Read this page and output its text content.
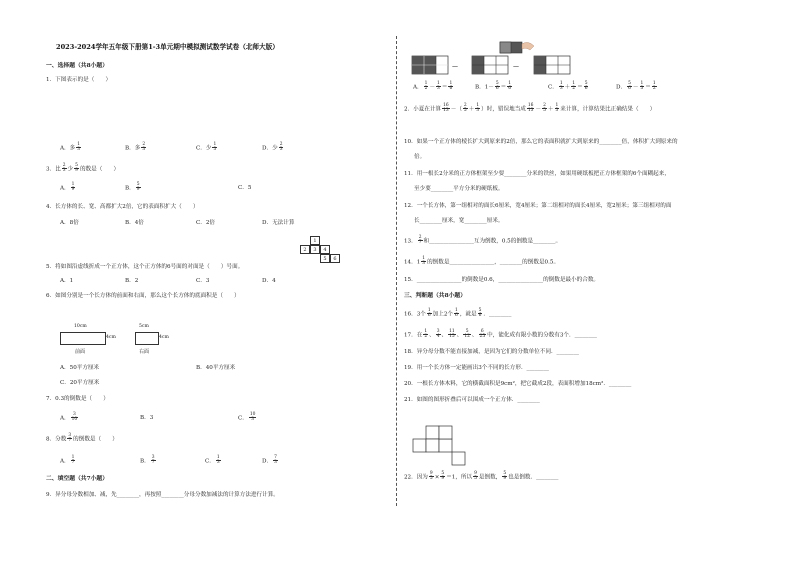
2023-2024学年五年级下册第1-3单元期中模拟测试数学试卷（北师大版）
一、选择题（共8小题）
1．下图表示的是（　　）
A．多 $\frac{1}{3}$	B．多 $\frac{2}{3}$	C．少 $\frac{1}{3}$	D．少 $\frac{2}{3}$
3．比 $\frac{2}{3}$ 少 $\frac{5}{9}$ 的数是（　　）
A． $\frac{1}{9}$	B． $\frac{5}{9}$	C．5
4．长方体的长、宽、高都扩大2倍，它的表面积扩大（　　）
A．8倍	B．4倍	C．2倍	D．无法计算
1
2	3	4
5	6
5．将如图沿虚线折成一个正方体，这个正方体的6号面的对面是（　　）号面。
A．1	B．2	C．3	D．4
6．如图分别是一个长方体的前面和右面，那么这个长方体的底面积是（　　）
10cm
4cm
前面
5cm
4cm
右面
A．50平方厘米	B．40平方厘米
C．20平方厘米
7．0.3的倒数是（　　）
A． $\frac{3}{10}$	B．3	C． $\frac{10}{3}$
8．分数 $\frac{3}{7}$ 的倒数是（　　）
A． $\frac{1}{7}$	B． $\frac{3}{7}$	C． $\frac{1}{3}$	D． $\frac{7}{3}$
二、填空题（共7小题）
9．异分母分数相加、减，先________，再按照________分母分数加减法的计算方法进行计算。
—	—
A． $\frac{1}{2} - \frac{1}{3} = \frac{1}{6}$	B．$1- \frac{5}{6} = \frac{1}{6}$	C． $\frac{1}{3} + \frac{1}{2} = \frac{5}{6}$	D． $\frac{5}{6} - \frac{1}{3} = \frac{1}{2}$
2．小夏在计算 $\frac{16}{13}$ －（ $\frac{2}{5} + \frac{1}{3}$ ）时，错误地当成 $\frac{16}{13} - \frac{2}{5} + \frac{1}{3}$ 来计算，计算结果比正确结果（　　）
10．如果一个正方体的棱长扩大到原来的2倍，那么它的表面积就扩大到原来的________倍，体积扩大到原来的
倍。
11．用一根长2分米的正方体框架至少要________分米的铁丝，如果用硬纸板把正方体框架的6个面糊起来，
至少要________平方分米的硬纸板。
12．一个长方体，第一组相对的面长6厘米，宽4厘米；第二组相对的面长4厘米，宽2厘米；第三组相对的面
长________厘米，宽________厘米。
13． $\frac{2}{7}$ 和________________互为倒数，0.5的倒数是________。
14．$1 \frac{1}{3}$ 的倒数是________________，________的倒数是0.5。
15．________________的倒数是0.6，________________的倒数是最小的合数。
三、判断题（共8小题）
16．3个 $\frac{1}{6}$ 加上2个 $\frac{1}{6}$ ，就是 $\frac{5}{6}$ ．________
17．在 $\frac{1}{2}$ 、 $\frac{3}{4}$ 、 $\frac{11}{15}$ 、 $\frac{5}{12}$ 、 $\frac{6}{25}$ 中，能化成有限小数的分数有3个．________
18．异分母分数不能直接加减，是因为它们的分数单位不同．________
19．用一个长方体一定能画出3个不同的长方形．________
20．一根长方体木料，它的横截面积是9cm²，把它截成2段，表面积增加18cm²．________
21．如图的图形折叠后可以围成一个正方体．________
22．因为 $\frac{9}{5} \times \frac{5}{9} =1$，所以 $\frac{9}{5}$ 是倒数， $\frac{5}{9}$ 也是倒数．________
